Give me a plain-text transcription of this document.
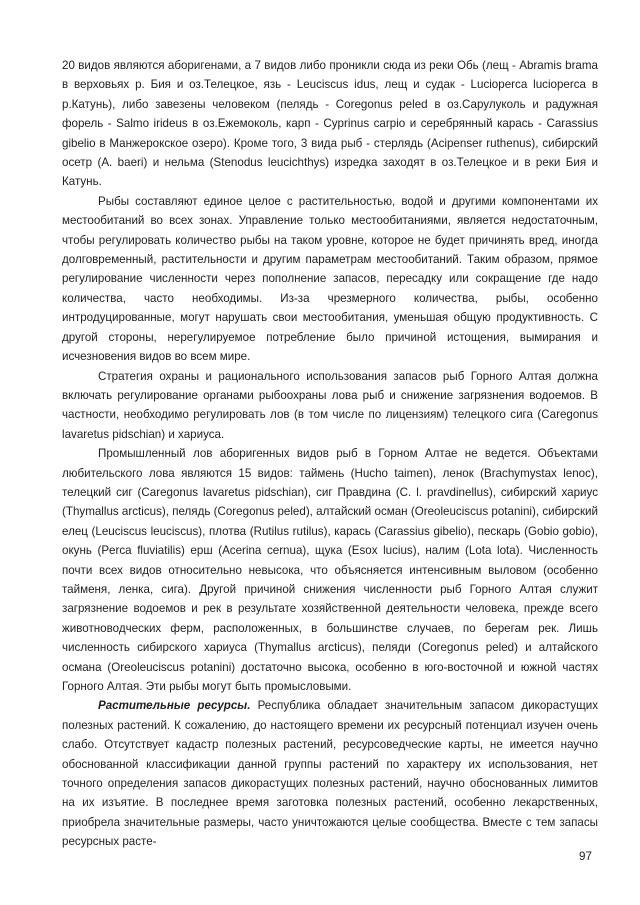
20 видов являются аборигенами, а 7 видов либо проникли сюда из реки Обь (лещ - Abramis brama в верховьях р. Бия и оз.Телецкое, язь - Leuciscus idus, лещ и судак - Lucioperca lucioperca в р.Катунь), либо завезены человеком (пелядь - Coregonus peled в оз.Сарулуколь и радужная форель - Salmo irideus в оз.Ежемоколь, карп - Cyprinus carpio и серебрянный карась - Carassius gibelio в Манжерокское озеро). Кроме того, 3 вида рыб - стерлядь (Acipenser ruthenus), сибирский осетр (A. baeri) и нельма (Stenodus leucichthys) изредка заходят в оз.Телецкое и в реки Бия и Катунь.

Рыбы составляют единое целое с растительностью, водой и другими компонентами их местообитаний во всех зонах. Управление только местообитаниями, является недостаточным, чтобы регулировать количество рыбы на таком уровне, которое не будет причинять вред, иногда долговременный, растительности и другим параметрам местообитаний. Таким образом, прямое регулирование численности через пополнение запасов, пересадку или сокращение где надо количества, часто необходимы. Из-за чрезмерного количества, рыбы, особенно интродуцированные, могут нарушать свои местообитания, уменьшая общую продуктивность. С другой стороны, нерегулируемое потребление было причиной истощения, вымирания и исчезновения видов во всем мире.

Стратегия охраны и рационального использования запасов рыб Горного Алтая должна включать регулирование органами рыбоохраны лова рыб и снижение загрязнения водоемов. В частности, необходимо регулировать лов (в том числе по лицензиям) телецкого сига (Caregonus lavaretus pidschian) и хариуса.

Промышленный лов аборигенных видов рыб в Горном Алтае не ведется. Объектами любительского лова являются 15 видов: таймень (Hucho taimen), ленок (Brachymystax lenoc), телецкий сиг (Caregonus lavaretus pidschian), сиг Правдина (C. l. pravdinellus), сибирский хариус (Thymallus arcticus), пелядь (Coregonus peled), алтайский осман (Oreoleuciscus potanini), сибирский елец (Leuciscus leuciscus), плотва (Rutilus rutilus), карась (Carassius gibelio), пескарь (Gobio gobio), окунь (Perca fluviatilis) ерш (Acerina cernua), щука (Esox lucius), налим (Lota lota). Численность почти всех видов относительно невысока, что объясняется интенсивным выловом (особенно тайменя, ленка, сига). Другой причиной снижения численности рыб Горного Алтая служит загрязнение водоемов и рек в результате хозяйственной деятельности человека, прежде всего животноводческих ферм, расположенных, в большинстве случаев, по берегам рек. Лишь численность сибирского хариуса (Thymallus arcticus), пеляди (Coregonus peled) и алтайского османа (Oreoleuciscus potanini) достаточно высока, особенно в юго-восточной и южной частях Горного Алтая. Эти рыбы могут быть промысловыми.

Растительные ресурсы. Республика обладает значительным запасом дикорастущих полезных растений. К сожалению, до настоящего времени их ресурсный потенциал изучен очень слабо. Отсутствует кадастр полезных растений, ресурсоведческие карты, не имеется научно обоснованной классификации данной группы растений по характеру их использования, нет точного определения запасов дикорастущих полезных растений, научно обоснованных лимитов на их изъятие. В последнее время заготовка полезных растений, особенно лекарственных, приобрела значительные размеры, часто уничтожаются целые сообщества. Вместе с тем запасы ресурсных расте-

97
